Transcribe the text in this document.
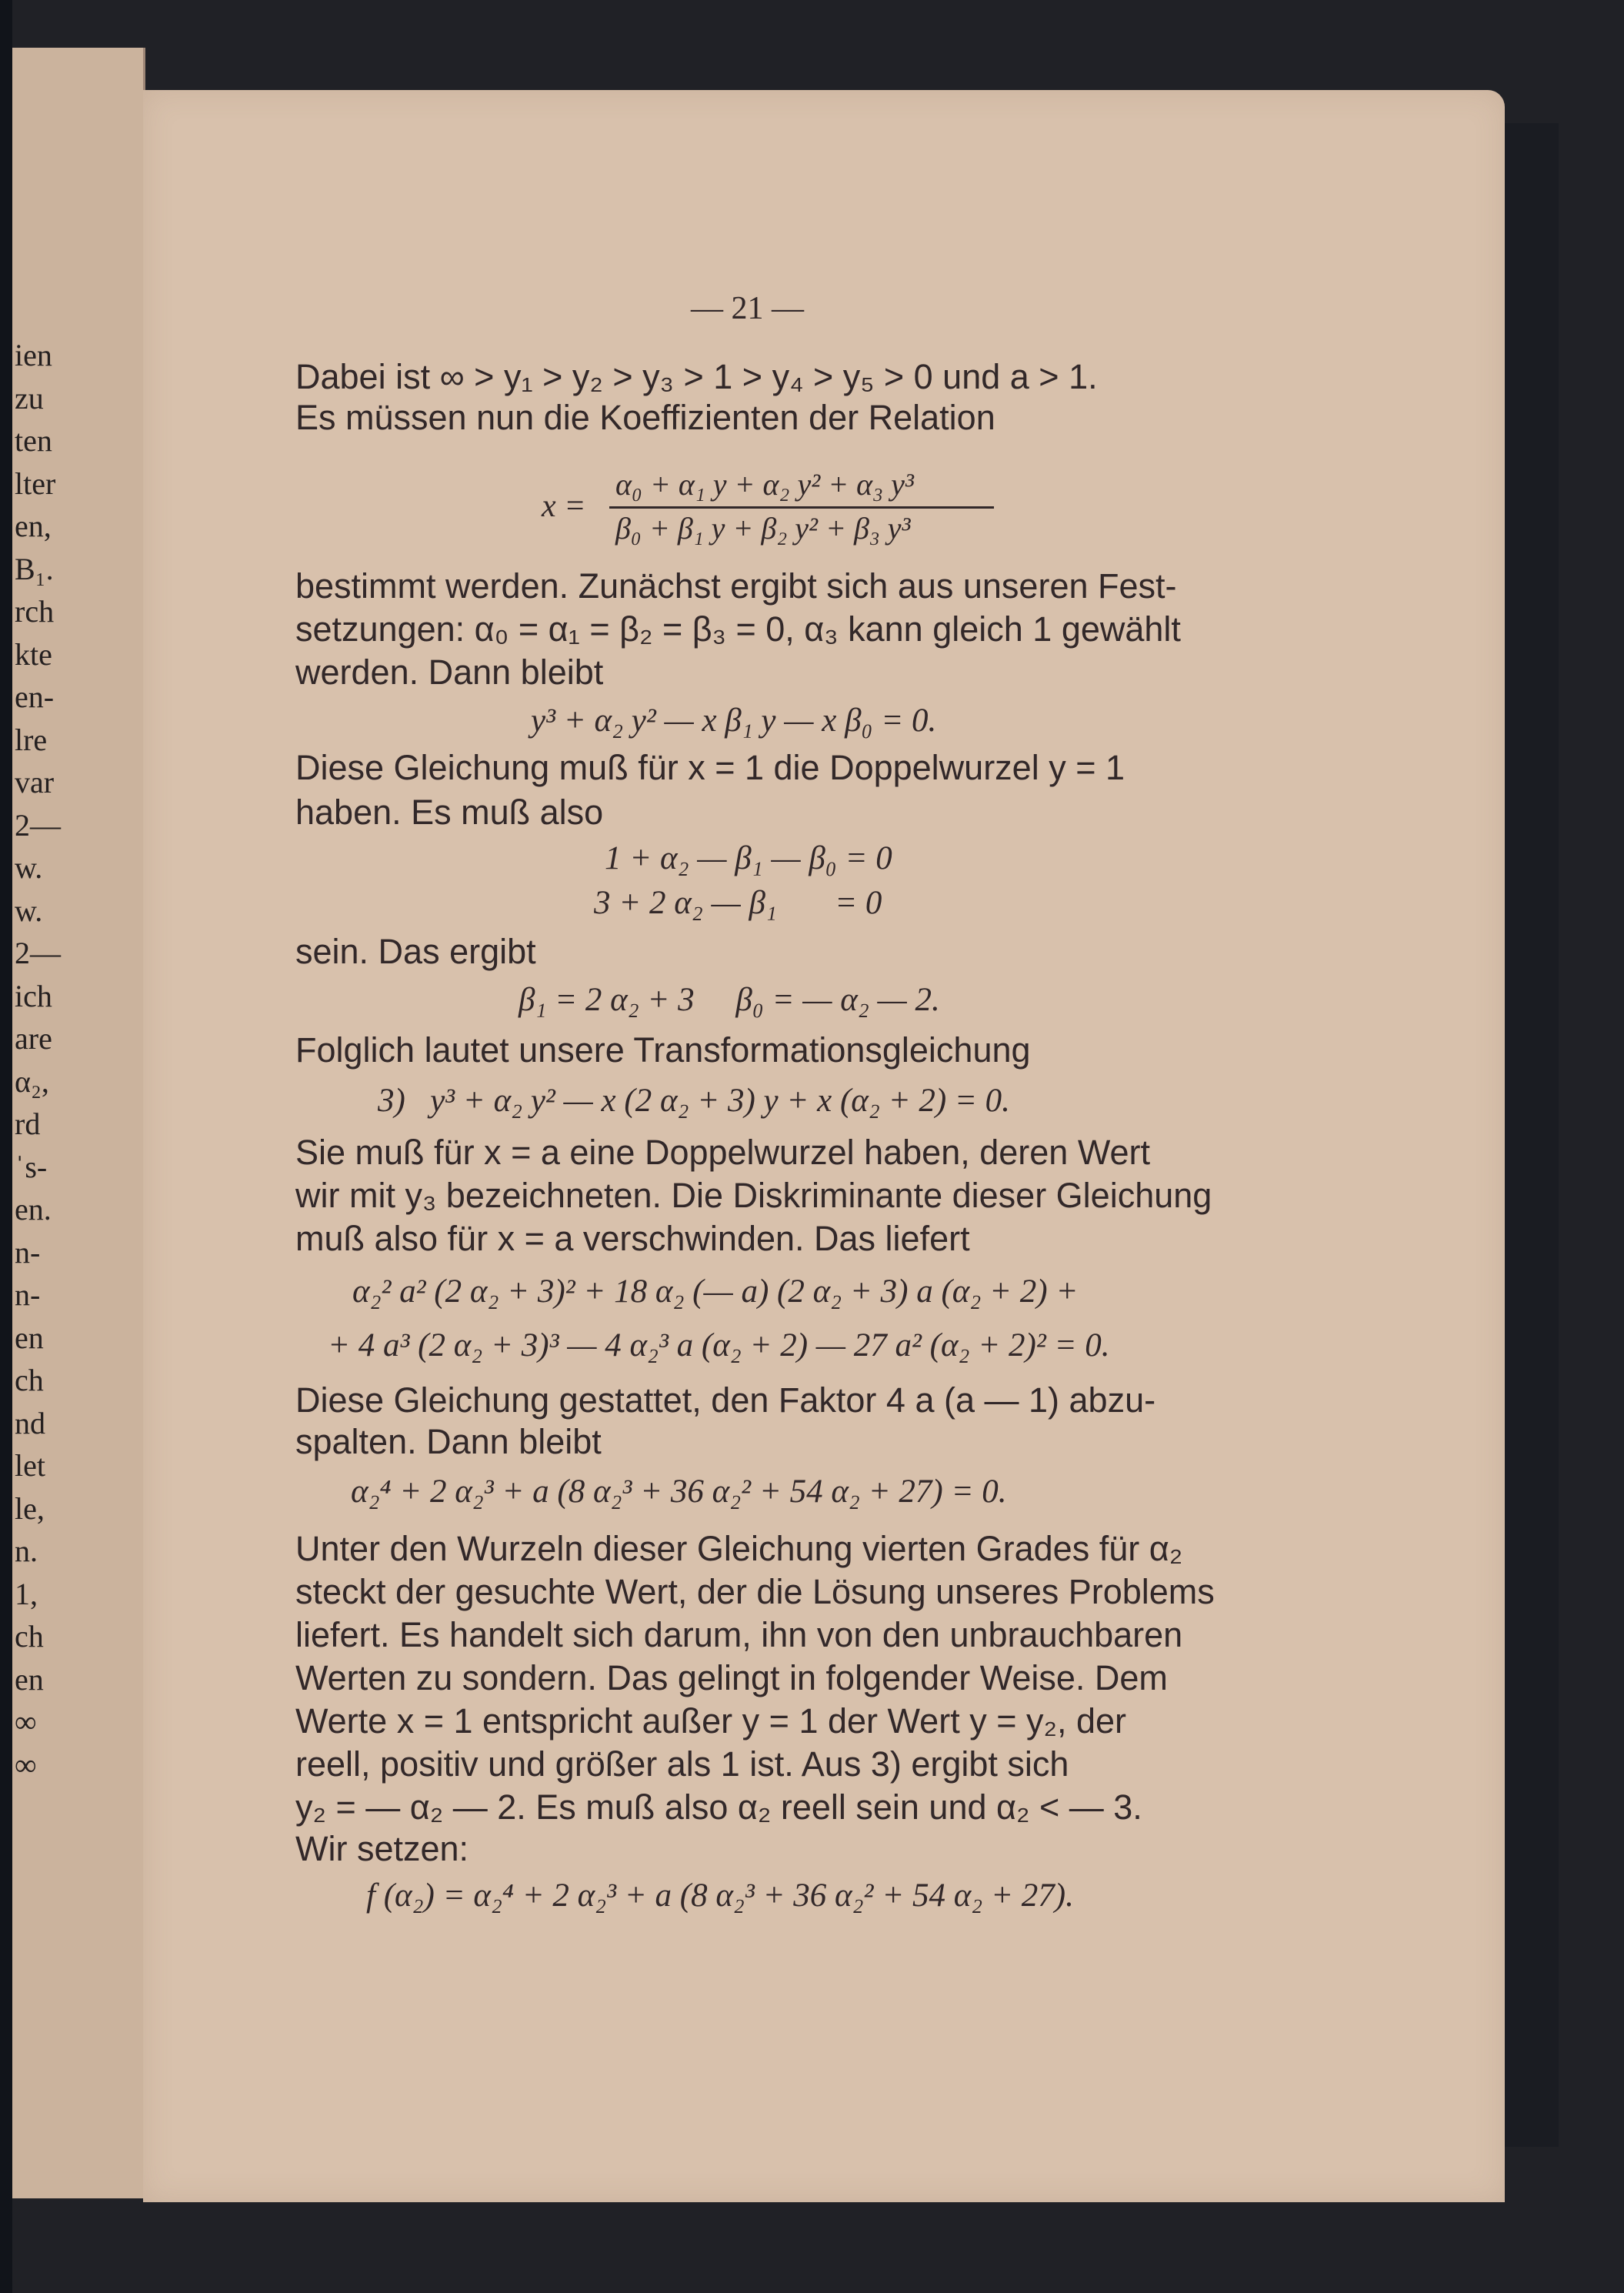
ien

zu

ten

lter

en,

B₁.

rch

kte

en-

lre

var

2—

w.

w.

2—

ich

are

α₂,

rd

ˈs-

en.

n-

n-

en

ch

nd

let

le,

n.

1,

ch

en

∞

∞

— 21 —

Dabei ist ∞ > y₁ > y₂ > y₃ > 1 > y₄ > y₅ > 0 und a > 1.

Es müssen nun die Koeffizienten der Relation

x =

α₀ + α₁ y + α₂ y² + α₃ y³

β₀ + β₁ y + β₂ y² + β₃ y³

bestimmt werden. Zunächst ergibt sich aus unseren Fest-

setzungen: α₀ = α₁ = β₂ = β₃ = 0, α₃ kann gleich 1 gewählt

werden. Dann bleibt

y³ + α₂ y² — x β₁ y — x β₀ = 0.

Diese Gleichung muß für x = 1 die Doppelwurzel y = 1

haben. Es muß also

1 + α₂ — β₁ — β₀ = 0

3 + 2 α₂ — β₁       = 0

sein. Das ergibt

β₁ = 2 α₂ + 3     β₀ = — α₂ — 2.

Folglich lautet unsere Transformationsgleichung

3)   y³ + α₂ y² — x (2 α₂ + 3) y + x (α₂ + 2) = 0.

Sie muß für x = a eine Doppelwurzel haben, deren Wert

wir mit y₃ bezeichneten. Die Diskriminante dieser Gleichung

muß also für x = a verschwinden. Das liefert

α₂² a² (2 α₂ + 3)² + 18 α₂ (— a) (2 α₂ + 3) a (α₂ + 2) +

+ 4 a³ (2 α₂ + 3)³ — 4 α₂³ a (α₂ + 2) — 27 a² (α₂ + 2)² = 0.

Diese Gleichung gestattet, den Faktor 4 a (a — 1) abzu-

spalten. Dann bleibt

α₂⁴ + 2 α₂³ + a (8 α₂³ + 36 α₂² + 54 α₂ + 27) = 0.

Unter den Wurzeln dieser Gleichung vierten Grades für α₂

steckt der gesuchte Wert, der die Lösung unseres Problems

liefert. Es handelt sich darum, ihn von den unbrauchbaren

Werten zu sondern. Das gelingt in folgender Weise. Dem

Werte x = 1 entspricht außer y = 1 der Wert y = y₂, der

reell, positiv und größer als 1 ist. Aus 3) ergibt sich

y₂ = — α₂ — 2. Es muß also α₂ reell sein und α₂ < — 3.

Wir setzen:

f (α₂) = α₂⁴ + 2 α₂³ + a (8 α₂³ + 36 α₂² + 54 α₂ + 27).
